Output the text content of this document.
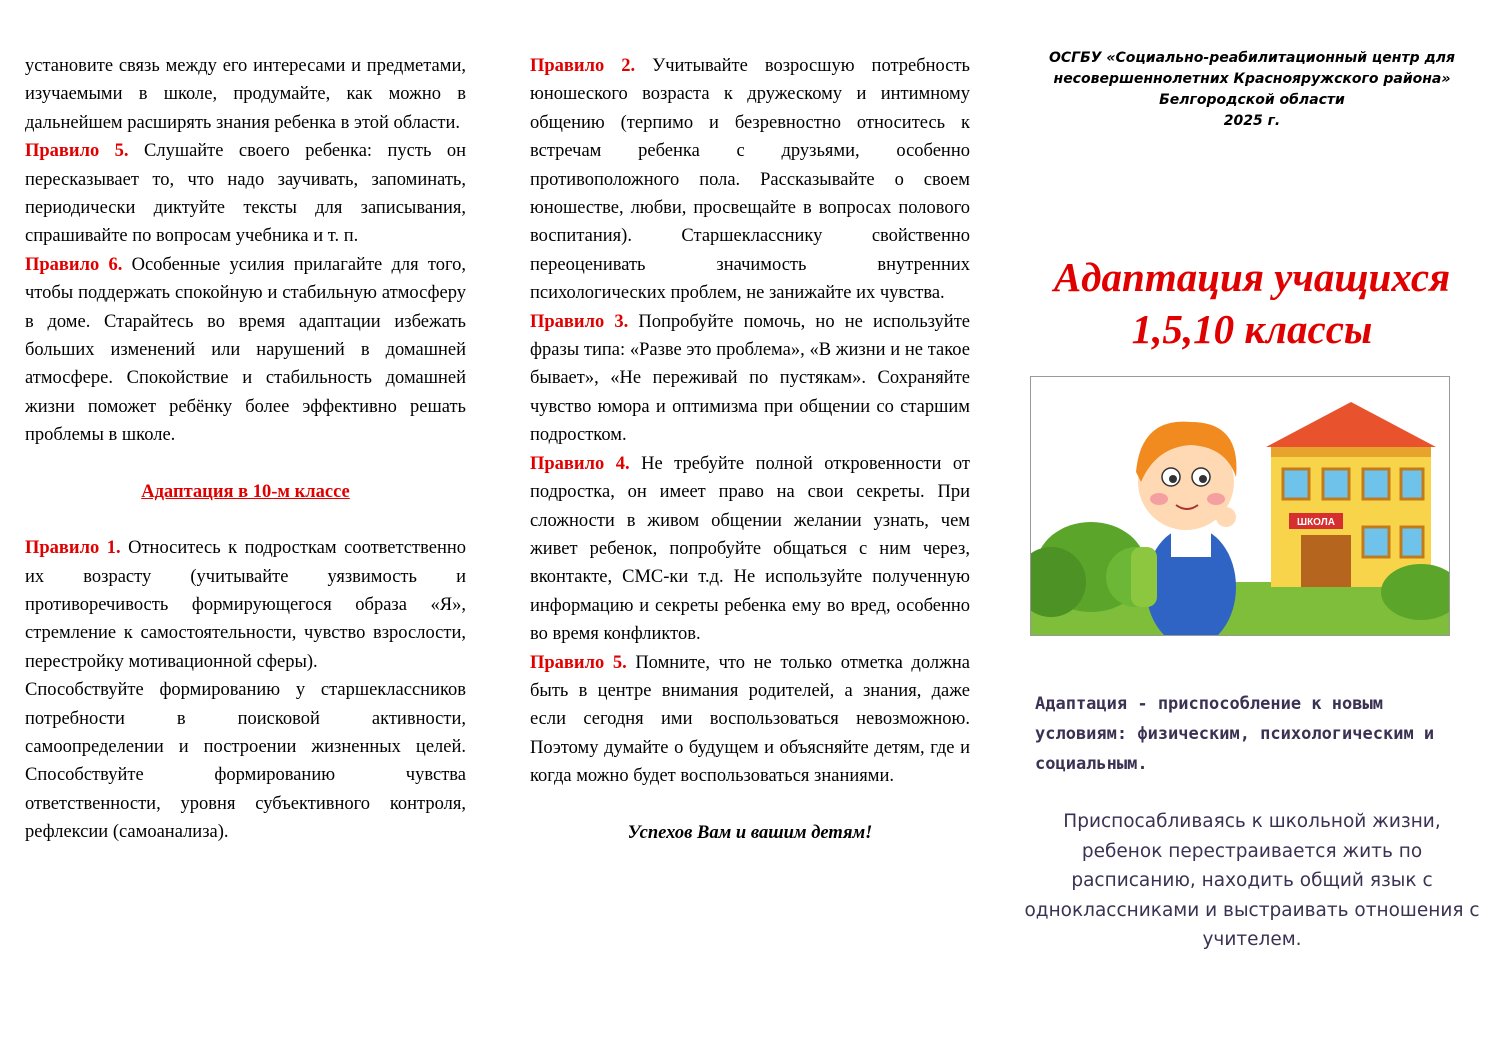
установите связь между его интересами и предметами, изучаемыми в школе, продумайте, как можно в дальнейшем расширять знания ребенка в этой области.

Правило 5. Слушайте своего ребенка: пусть он пересказывает то, что надо заучивать, запоминать, периодически диктуйте тексты для записывания, спрашивайте по вопросам учебника и т. п.

Правило 6. Особенные усилия прилагайте для того, чтобы поддержать спокойную и стабильную атмосферу в доме. Старайтесь во время адаптации избежать больших изменений или нарушений в домашней атмосфере. Спокойствие и стабильность домашней жизни поможет ребёнку более эффективно решать проблемы в школе.

Адаптация в 10-м классе

Правило 1. Относитесь к подросткам соответственно их возрасту (учитывайте уязвимость и противоречивость формирующегося образа «Я», стремление к самостоятельности, чувство взрослости, перестройку мотивационной сферы).

Способствуйте формированию у старшеклассников потребности в поисковой активности, самоопределении и построении жизненных целей. Способствуйте формированию чувства ответственности, уровня субъективного контроля, рефлексии (самоанализа).

Правило 2. Учитывайте возросшую потребность юношеского возраста к дружескому и интимному общению (терпимо и безревностно относитесь к встречам ребенка с друзьями, особенно противоположного пола. Рассказывайте о своем юношестве, любви, просвещайте в вопросах полового воспитания). Старшекласснику свойственно переоценивать значимость внутренних психологических проблем, не занижайте их чувства.

Правило 3. Попробуйте помочь, но не используйте фразы типа: «Разве это проблема», «В жизни и не такое бывает», «Не переживай по пустякам». Сохраняйте чувство юмора и оптимизма при общении со старшим подростком.

Правило 4. Не требуйте полной откровенности от подростка, он имеет право на свои секреты. При сложности в живом общении желании узнать, чем живет ребенок, попробуйте общаться с ним через, вконтакте, СМС-ки т.д. Не используйте полученную информацию и секреты ребенка ему во вред, особенно во время конфликтов.

Правило 5. Помните, что не только отметка должна быть в центре внимания родителей, а знания, даже если сегодня ими воспользоваться невозможною. Поэтому думайте о будущем и объясняйте детям, где и когда можно будет воспользоваться знаниями.

Успехов Вам и вашим детям!

ОСГБУ «Социально-реабилитационный центр для
несовершеннолетних Краснояружского района»
Белгородской области
2025 г.
Адаптация учащихся
1,5,10 классы
ШКОЛА
Адаптация - приспособление к новым условиям: физическим, психологическим и социальным.
Приспосабливаясь к школьной жизни, ребенок перестраивается жить по расписанию, находить общий язык с одноклассниками и выстраивать отношения с учителем.
